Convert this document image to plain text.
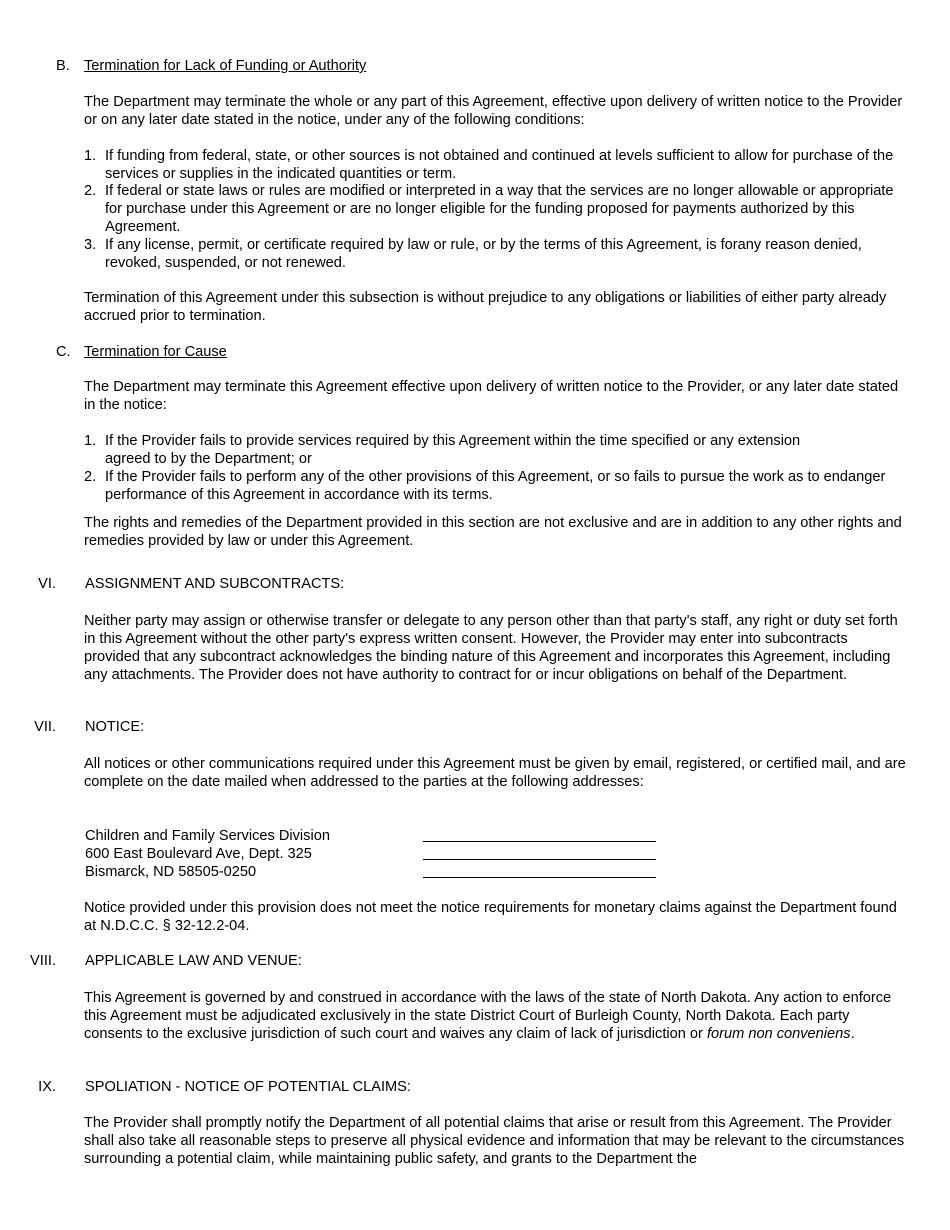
B. Termination for Lack of Funding or Authority

The Department may terminate the whole or any part of this Agreement, effective upon delivery of written notice to the Provider or on any later date stated in the notice, under any of the following conditions:

1. If funding from federal, state, or other sources is not obtained and continued at levels sufficient to allow for purchase of the services or supplies in the indicated quantities or term.
2. If federal or state laws or rules are modified or interpreted in a way that the services are no longer allowable or appropriate for purchase under this Agreement or are no longer eligible for the funding proposed for payments authorized by this Agreement.
3. If any license, permit, or certificate required by law or rule, or by the terms of this Agreement, is forany reason denied, revoked, suspended, or not renewed.

Termination of this Agreement under this subsection is without prejudice to any obligations or liabilities of either party already accrued prior to termination.

C. Termination for Cause

The Department may terminate this Agreement effective upon delivery of written notice to the Provider, or any later date stated in the notice:

1. If the Provider fails to provide services required by this Agreement within the time specified or any extension agreed to by the Department; or
2. If the Provider fails to perform any of the other provisions of this Agreement, or so fails to pursue the work as to endanger performance of this Agreement in accordance with its terms.

The rights and remedies of the Department provided in this section are not exclusive and are in addition to any other rights and remedies provided by law or under this Agreement.

VI. ASSIGNMENT AND SUBCONTRACTS:

Neither party may assign or otherwise transfer or delegate to any person other than that party's staff, any right or duty set forth in this Agreement without the other party's express written consent. However, the Provider may enter into subcontracts provided that any subcontract acknowledges the binding nature of this Agreement and incorporates this Agreement, including any attachments. The Provider does not have authority to contract for or incur obligations on behalf of the Department.

VII. NOTICE:

All notices or other communications required under this Agreement must be given by email, registered, or certified mail, and are complete on the date mailed when addressed to the parties at the following addresses:

Children and Family Services Division
600 East Boulevard Ave, Dept. 325
Bismarck, ND 58505-0250

Notice provided under this provision does not meet the notice requirements for monetary claims against the Department found at N.D.C.C. § 32-12.2-04.

VIII. APPLICABLE LAW AND VENUE:

This Agreement is governed by and construed in accordance with the laws of the state of North Dakota. Any action to enforce this Agreement must be adjudicated exclusively in the state District Court of Burleigh County, North Dakota. Each party consents to the exclusive jurisdiction of such court and waives any claim of lack of jurisdiction or forum non conveniens.

IX. SPOLIATION - NOTICE OF POTENTIAL CLAIMS:

The Provider shall promptly notify the Department of all potential claims that arise or result from this Agreement. The Provider shall also take all reasonable steps to preserve all physical evidence and information that may be relevant to the circumstances surrounding a potential claim, while maintaining public safety, and grants to the Department the
